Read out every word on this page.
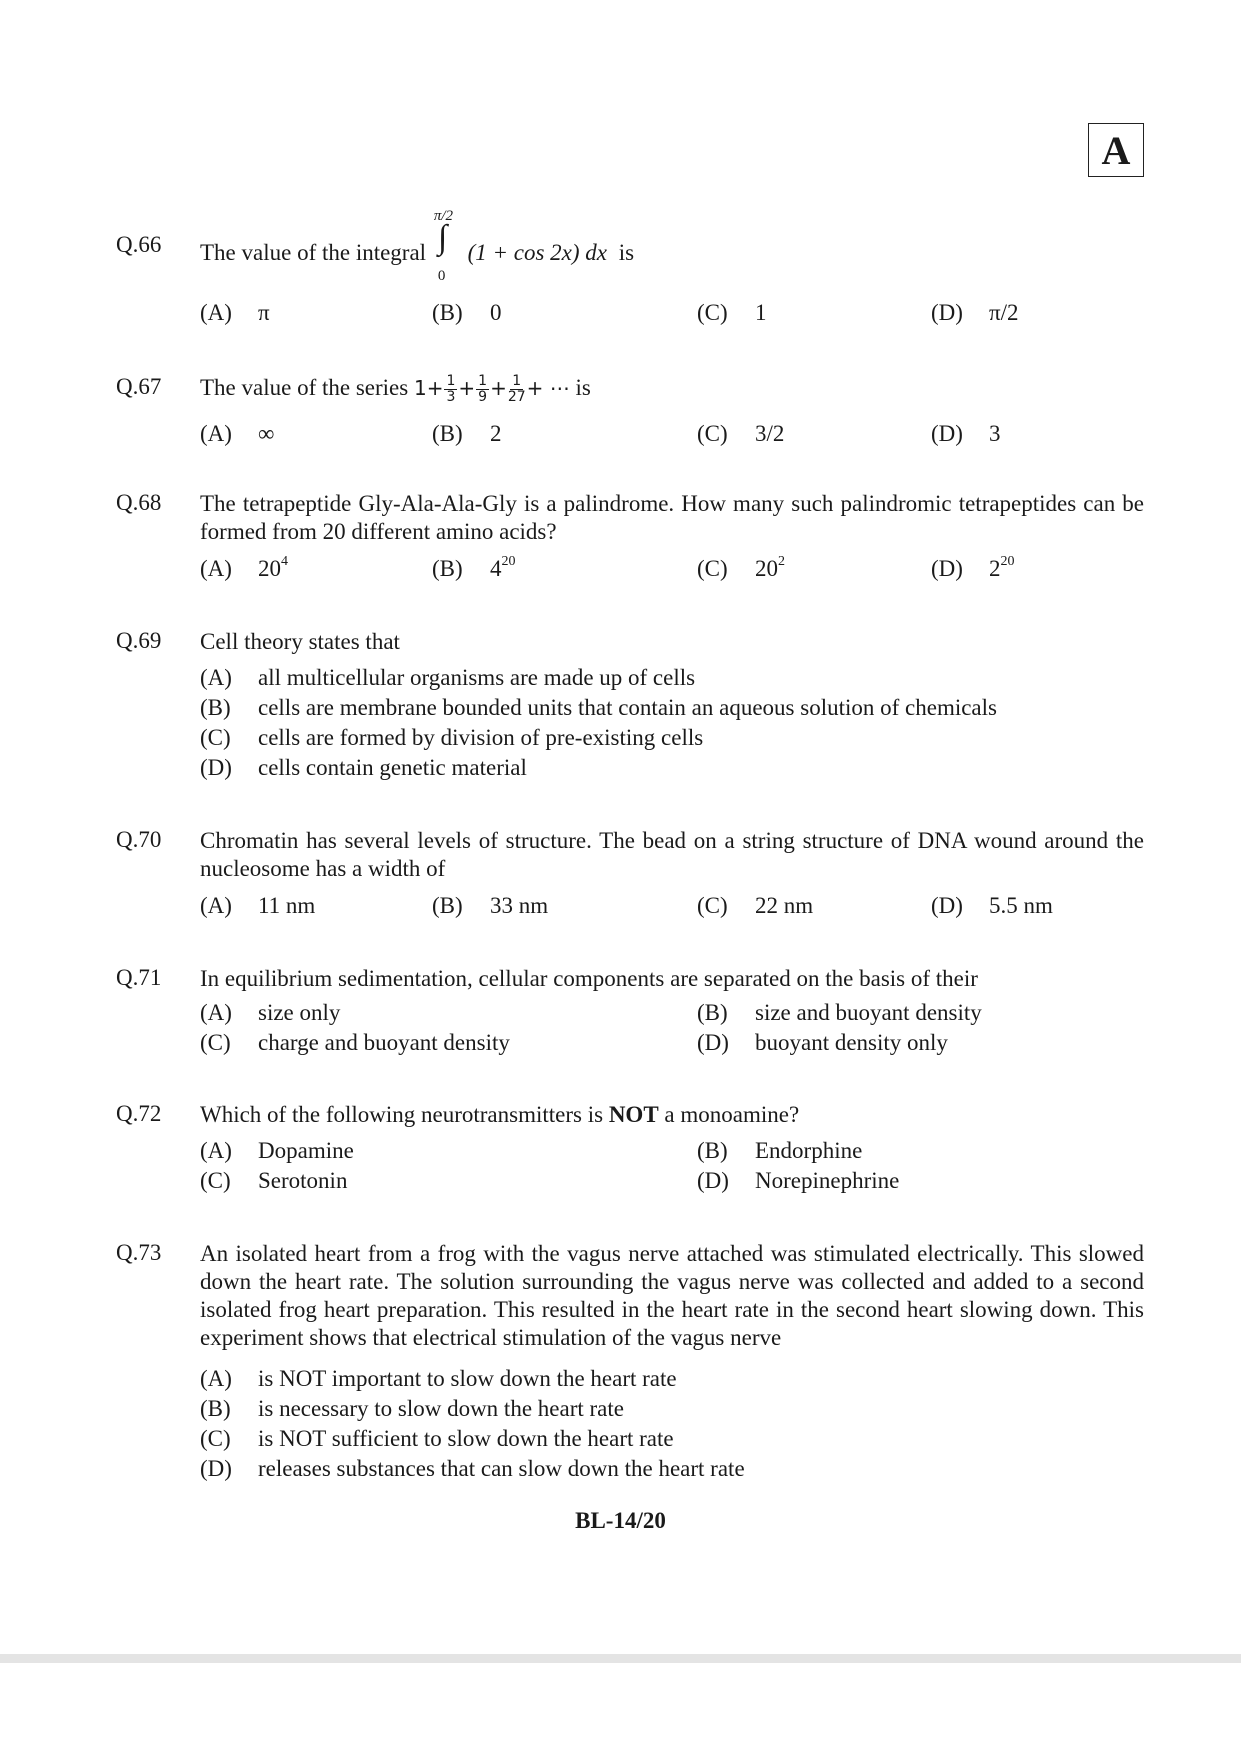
A
Q.66 The value of the integral
π/2
∫
0
(1 + cos 2x) dx is
(A) π	(B) 0	(C) 1	(D) π/2
Q.67 The value of the series $1+ \frac{1}{3} + \frac{1}{9} + \frac{1}{27}$ + ⋯ is
(A) ∞	(B) 2	(C) 3/2	(D) 3
Q.68 The tetrapeptide Gly-Ala-Ala-Gly is a palindrome. How many such palindromic tetrapeptides can be formed from 20 different amino acids?
(A) $20^4$	(B) $4^{20}$	(C) $20^2$	(D) $2^{20}$
Q.69 Cell theory states that
(A) all multicellular organisms are made up of cells
(B) cells are membrane bounded units that contain an aqueous solution of chemicals
(C) cells are formed by division of pre-existing cells
(D) cells contain genetic material
Q.70 Chromatin has several levels of structure. The bead on a string structure of DNA wound around the nucleosome has a width of
(A) 11 nm	(B) 33 nm	(C) 22 nm	(D) 5.5 nm
Q.71 In equilibrium sedimentation, cellular components are separated on the basis of their
(A) size only	(B) size and buoyant density
(C) charge and buoyant density	(D) buoyant density only
Q.72 Which of the following neurotransmitters is NOT a monoamine?
(A) Dopamine	(B) Endorphine
(C) Serotonin	(D) Norepinephrine
Q.73 An isolated heart from a frog with the vagus nerve attached was stimulated electrically. This slowed down the heart rate. The solution surrounding the vagus nerve was collected and added to a second isolated frog heart preparation. This resulted in the heart rate in the second heart slowing down. This experiment shows that electrical stimulation of the vagus nerve
(A) is NOT important to slow down the heart rate
(B) is necessary to slow down the heart rate
(C) is NOT sufficient to slow down the heart rate
(D) releases substances that can slow down the heart rate
BL-14/20
